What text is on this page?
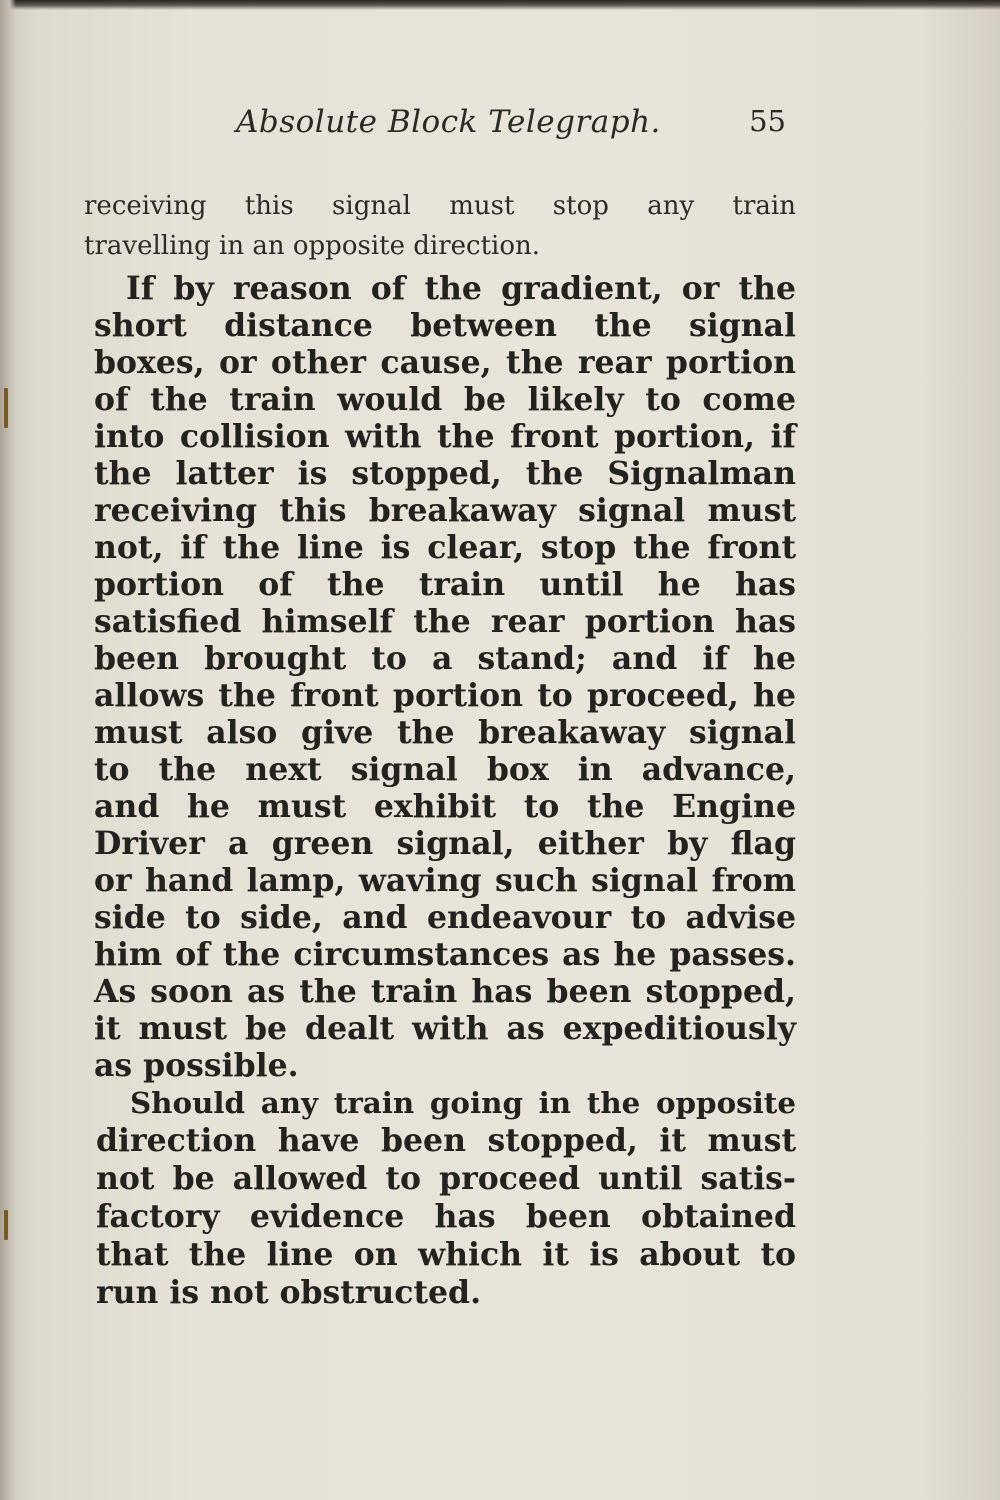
Absolute Block Telegraph.	55

receiving this signal must stop any train
travelling in an opposite direction.

If by reason of the gradient, or the
short distance between the signal
boxes, or other cause, the rear portion
of the train would be likely to come
into collision with the front portion, if
the latter is stopped, the Signalman
receiving this breakaway signal must
not, if the line is clear, stop the front
portion of the train until he has
satisfied himself the rear portion has
been brought to a stand; and if he
allows the front portion to proceed, he
must also give the breakaway signal
to the next signal box in advance,
and he must exhibit to the Engine
Driver a green signal, either by flag
or hand lamp, waving such signal from
side to side, and endeavour to advise
him of the circumstances as he passes.
As soon as the train has been stopped,
it must be dealt with as expeditiously
as possible.

Should any train going in the opposite
direction have been stopped, it must
not be allowed to proceed until satis-
factory evidence has been obtained
that the line on which it is about to
run is not obstructed.
